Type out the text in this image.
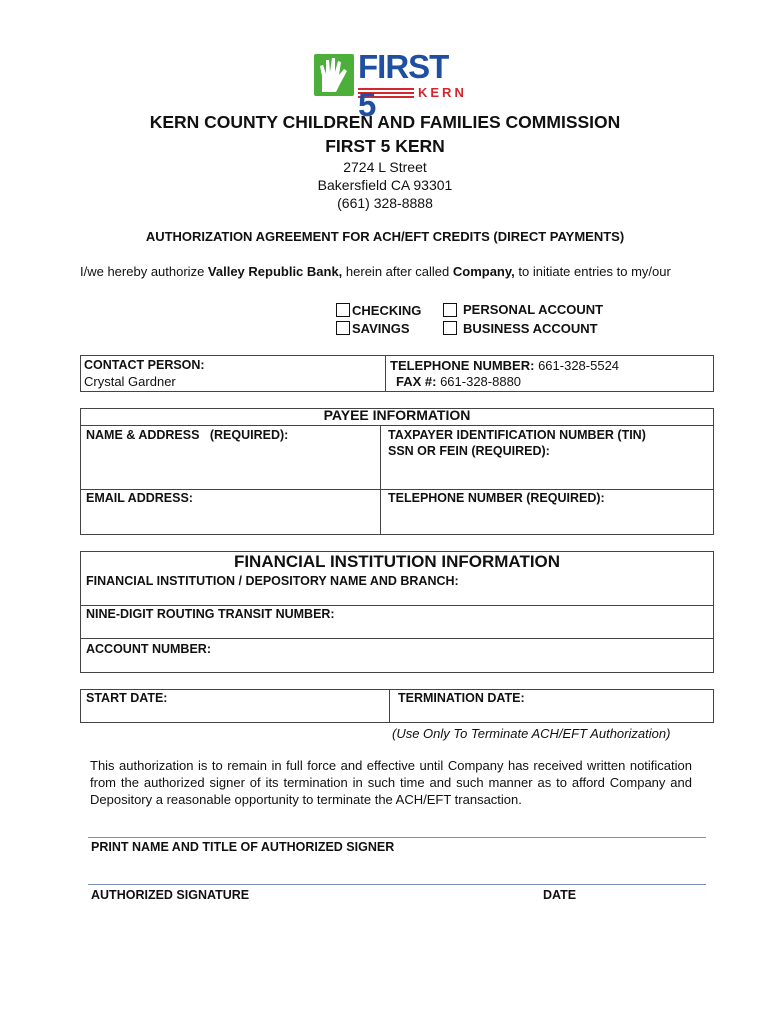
FIRST 5	KERN
KERN COUNTY CHILDREN AND FAMILIES COMMISSION
FIRST 5 KERN
2724 L Street
Bakersfield CA 93301
(661) 328-8888
AUTHORIZATION AGREEMENT FOR ACH/EFT CREDITS (DIRECT PAYMENTS)
I/we hereby authorize Valley Republic Bank, herein after called Company, to initiate entries to my/our
CHECKING
SAVINGS
PERSONAL ACCOUNT
BUSINESS ACCOUNT
CONTACT PERSON:
Crystal Gardner
TELEPHONE NUMBER: 661-328-5524
FAX #: 661-328-8880
PAYEE INFORMATION
NAME & ADDRESS   (REQUIRED):	TAXPAYER IDENTIFICATION NUMBER (TIN)
SSN OR FEIN (REQUIRED):
EMAIL ADDRESS:	TELEPHONE NUMBER (REQUIRED):
FINANCIAL INSTITUTION INFORMATION
FINANCIAL INSTITUTION / DEPOSITORY NAME AND BRANCH:
NINE-DIGIT ROUTING TRANSIT NUMBER:
ACCOUNT NUMBER:
START DATE:	TERMINATION DATE:
(Use Only To Terminate ACH/EFT Authorization)
This authorization is to remain in full force and effective until Company has received written notification from the authorized signer of its termination in such time and such manner as to afford Company and Depository a reasonable opportunity to terminate the ACH/EFT transaction.
PRINT NAME AND TITLE OF AUTHORIZED SIGNER
AUTHORIZED SIGNATURE	DATE
